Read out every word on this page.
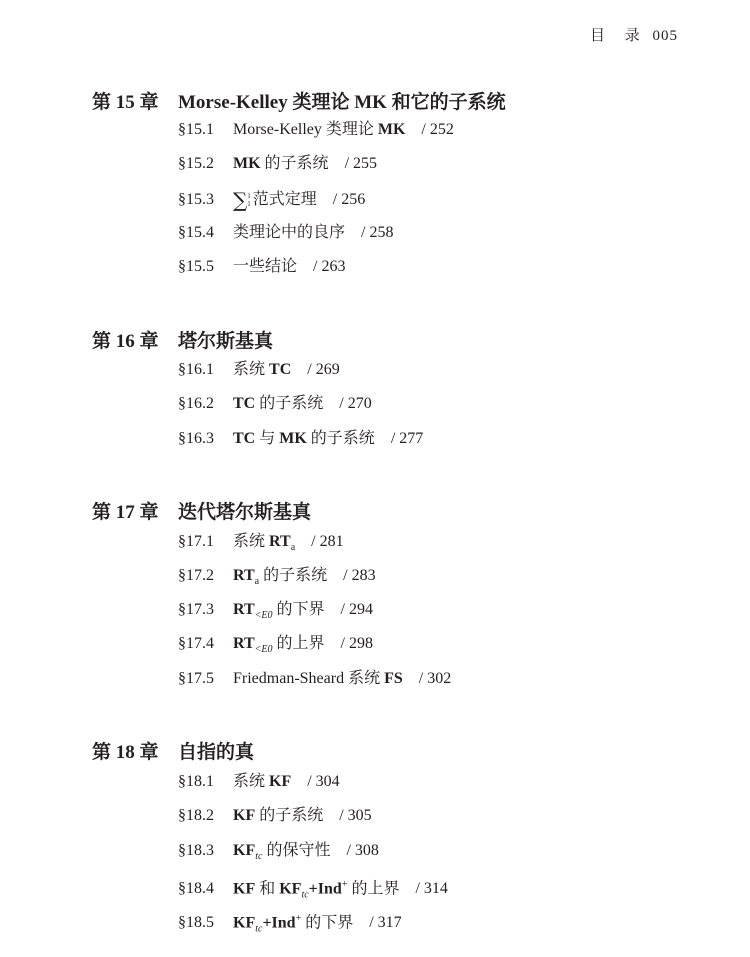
目 录 005
第 15 章 Morse-Kelley 类理论 MK 和它的子系统
§15.1 Morse-Kelley 类理论 MK / 252
§15.2 MK 的子系统 / 255
§15.3 ∑ 1
1 范式定理 / 256
§15.4 类理论中的良序 / 258
§15.5 一些结论 / 263
第 16 章 塔尔斯基真
§16.1 系统 TC / 269
§16.2 TC 的子系统 / 270
§16.3 TC 与 MK 的子系统 / 277
第 17 章 迭代塔尔斯基真
§17.1 系统 $RT_a / 281$
§17.2 $RT_a$ 的子系统 / 283
§17.3 $RT_{<E0}$ 的下界 / 294
§17.4 $RT_{<E0}$ 的上界 / 298
§17.5 Friedman-Sheard 系统 FS / 302
第 18 章 自指的真
§18.1 系统 KF / 304
§18.2 KF 的子系统 / 305
§18.3 $KF_{tc}$ 的保守性 / 308
§18.4 KF 和 $KF_{tc}+Ind^+$ 的上界 / 314
§18.5 $KF_{tc}+Ind^+$ 的下界 / 317
